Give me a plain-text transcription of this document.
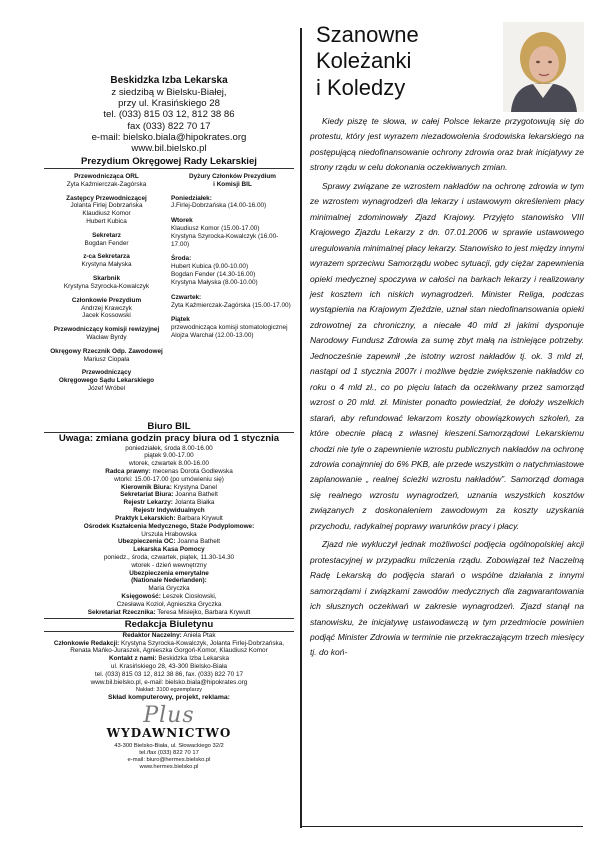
Beskidzka Izba Lekarska
z siedzibą w Bielsku-Białej,
przy ul. Krasińskiego 28
tel. (033) 815 03 12, 812 38 86
fax (033) 822 70 17
e-mail: bielsko.biala@hipokrates.org
www.bil.bielsko.pl
Prezydium Okręgowej Rady Lekarskiej
Przewodnicząca ORL
Zyta Kaźmierczak-Zagórska
Zastępcy Przewodniczącej
Jolanta Firlej Dobrzańska
Klaudiusz Komor
Hubert Kubica
Sekretarz
Bogdan Fender
z-ca Sekretarza
Krystyna Małyska
Skarbnik
Krystyna Szyrocka-Kowalczyk
Członkowie Prezydium
Andrzej Krawczyk
Jacek Kossowski
Przewodniczący komisji rewizyjnej
Wacław Byrdy
Okręgowy Rzecznik Odp. Zawodowej
Mariusz Ciopała
Przewodniczący
Okręgowego Sądu Lekarskiego
Józef Wróbel
Dyżury Członków Prezydium
i Komisji BIL
Poniedziałek:
J.Firlej-Dobrzańska (14.00-16.00)
Wtorek
Klaudiusz Komor (15.00-17.00)
Krystyna Szyrocka-Kowalczyk (16.00-17.00)
Środa:
Hubert Kubica (9.00-10.00)
Bogdan Fender (14.30-16.00)
Krystyna Małyska (8.00-10.00)
Czwartek:
Zyta Kaźmierczak-Zagórska (15.00-17.00)
Piątek
przewodnicząca komisji stomatologicznej
Alojza Warchał (12.00-13.00)
Biuro BIL
Uwaga: zmiana godzin pracy biura od 1 stycznia
poniedziałek, środa 8.00-16.00
piątek 9.00-17.00
wtorek, czwartek 8.00-16.00
Radca prawny: mecenas Dorota Godlewska
wtorki: 15.00-17.00 (po umówieniu się)
Kierownik Biura: Krystyna Danel
Sekretariat Biura: Joanna Bathelt
Rejestr Lekarzy: Jolanta Białka
Rejestr Indywidualnych
Praktyk Lekarskich: Barbara Krywult
Ośrodek Kształcenia Medycznego, Staże Podyplomowe:
Urszula Hrabowska
Ubezpieczenia OC: Joanna Bathelt
Lekarska Kasa Pomocy
poniedz., środa, czwartek, piątek, 11.30-14.30
wtorek - dzień wewnętrzny
Ubezpieczenia emerytalne
(Nationale Nederlanden):
Maria Gryczka
Księgowość: Leszek Ciosłowski,
Czesława Kozioł, Agnieszka Gryczka
Sekretariat Rzecznika: Teresa Misiejko, Barbara Krywult
Redakcja Biuletynu
Redaktor Naczelny: Aniela Ptak
Członkowie Redakcji: Krystyna Szyrocka-Kowalczyk, Jolanta Firlej-Dobrzańska,
Renata Mańko-Juraszek, Agnieszka Gorgoń-Komor, Klaudiusz Komor
Kontakt z nami: Beskidzka Izba Lekarska
ul. Krasińskiego 28, 43-300 Bielsko-Biała
tel. (033) 815 03 12, 812 38 86, fax. (033) 822 70 17
www.bil.bielsko.pl, e-mail: bielsko.biala@hipokrates.org
Nakład: 3100 egzemplarzy
Skład komputerowy, projekt, reklama:
Plus
WYDAWNICTWO
43-300 Bielsko-Biała, ul. Słowackiego 32/2
tel./fax (033) 822 70 17
e-mail: biuro@hermes.bielsko.pl
www.hermes.bielsko.pl
Szanowne
Koleżanki
i Koledzy

Kiedy piszę te słowa, w całej Polsce lekarze przygotowują się do protestu, który jest wyrazem niezadowolenia środowiska lekarskiego na postępującą niedofinansowanie ochrony zdrowia oraz brak inicjatywy ze strony rządu w celu dokonania oczekiwanych zmian.

Sprawy związane ze wzrostem nakładów na ochronę zdrowia w tym ze wzrostem wynagrodzeń dla lekarzy i ustawowym określeniem płacy minimalnej zdominowały Zjazd Krajowy. Przyjęto stanowisko VIII Krajowego Zjazdu Lekarzy z dn. 07.01.2006 w sprawie ustawowego uregulowania minimalnej płacy lekarzy. Stanowisko to jest między innymi wyrazem sprzeciwu Samorządu wobec sytuacji, gdy ciężar zapewnienia opieki medycznej spoczywa w całości na barkach lekarzy i realizowany jest kosztem ich niskich wynagrodzeń. Minister Religa, podczas wystąpienia na Krajowym Zjeździe, uznał stan niedofinansowania opieki zdrowotnej za chroniczny, a niecałe 40 mld zł jakimi dysponuje Narodowy Fundusz Zdrowia za sumę zbyt małą na istniejące potrzeby. Jednocześnie zapewnił ,że istotny wzrost nakładów tj. ok. 3 mld zł, nastąpi od 1 stycznia 2007r i możliwe będzie zwiększenie nakładów co roku o 4 mld zł., co po pięciu latach da oczekiwany przez samorząd wzrost o 20 mld. zł. Minister ponadto powiedział, że dołoży wszelkich starań, aby refundować lekarzom koszty obowiązkowych szkoleń, za które obecnie płacą z własnej kieszeni.Samorządowi Lekarskiemu chodzi nie tyle o zapewnienie wzrostu publicznych nakładów na ochronę zdrowia conajmniej do 6% PKB, ale przede wszystkim o natychmiastowe zaplanowanie „ realnej ścieżki wzrostu nakładów”. Samorząd domaga się realnego wzrostu wynagrodzeń, uznania wszystkich kosztów związanych z doskonaleniem zawodowym za koszty uzyskania przychodu, radykalnej poprawy warunków pracy i płacy.

Zjazd nie wykluczył jednak możliwości podjęcia ogólnopolskiej akcji protestacyjnej w przypadku milczenia rządu. Zobowiązał też Naczelną Radę Lekarską do podjęcia starań o wspólne działania z innymi samorządami i związkami zawodów medycznych dla zagwarantowania ich słusznych oczekiwań w zakresie wynagrodzeń. Zjazd stanął na stanowisku, że inicjatywę ustawodawczą w tym przedmiocie powinien podjąć Minister Zdrowia w terminie nie przekraczającym trzech miesięcy tj. do koń-
